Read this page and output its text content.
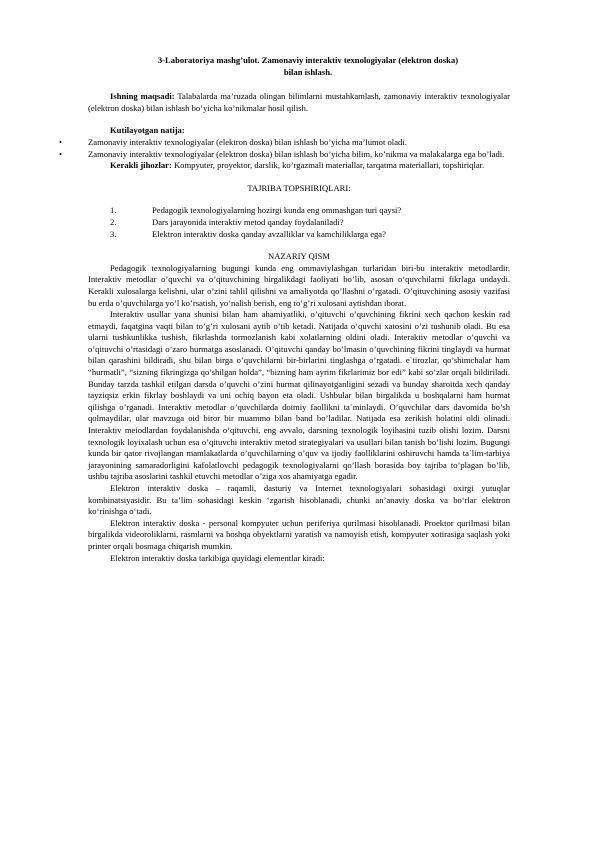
3-Laboratoriya mashg’ulot. Zamonaviy interaktiv texnologiyalar (elektron doska)
bilan ishlash.

Ishning maqsadi: Talabalarda ma’ruzada olingan bilimlarni mustahkamlash, zamonaviy interaktiv texnologiyalar (elektron doska) bilan ishlash bo’yicha ko’nikmalar hosil qilish.

Kutilayotgan natija:

•	Zamonaviy interaktiv texnologiyalar (elektron doska) bilan ishlash bo’yicha ma’lumot oladi.
•	Zamonaviy interaktiv texnologiyalar (elektron doska) bilan ishlash bo’yicha bilim, ko’nikma va malakalarga ega bo’ladi.

Kerakli jihozlar: Kompyuter, proyektor, darslik, ko’rgazmali materiallar, tarqatma materiallari, topshiriqlar.

TAJRIBA TOPSHIRIQLARI:

1.	Pedagogik texnologiyalarning hozirgi kunda eng ommashgan turi qaysi?
2.	Dars jarayonida interaktiv metod qanday foydalaniladi?
3.	Elektron interaktiv doska qanday avzalliklar va kamchiliklarga ega?

NAZARIY QISM

Pedagogik texnologiyalarning bugungi kunda eng ommaviylashgan turlaridan biri-bu interaktiv metodlardir. Interaktiv metodlar o’quvchi va o’qituvchining birgalikdagi faoliyati bo’lib, asosan o’quvchilarni fikrlaga undaydi. Kerakli xulosalarga kelishni, ular o’zini tahlil qilishni va amaliyotda qo’llashni o’rgatadi. O’qituvchining asosiy vazifasi bu erda o’quvchilarga yo’l ko’rsatish, yo’nalish berish, eng to’g’ri xulosani aytishdan iborat.

Interaktiv usullar yana shunisi bilan ham ahamiyatliki, o’qituvchi o’quvchining fikrini xech qachon keskin rad etmaydi, faqatgina vaqti bilan to’g’ri xulosani aytib o’tib ketadi. Natijada o’quvchi xatosini o’zi tushunib oladi. Bu esa ularni tushkunlikka tushish, fikrlashda tormozlanish kabi xolatlarning oldini oladi. Interaktiv metodlar o’quvchi va o’qituvchi o’rtasidagi o’zaro hurmatga asoslanadi. O’qituvchi qanday bo’lmasin o’quvchining fikrini tinglaydi va hurmat bilan qarashini bildiradi, shu bilan birga o’quvchilarni bir-birlarini tinglashga o’rgatadi. e`tirozlar, qo’shimchalar ham “hurmatli”, “sizning fikringizga qo’shilgan holda”, “bizning ham ayrim fikrlarimiz bor edi” kabi so’zlar orqali bildiriladi. Bunday tarzda tashkil etilgan darsda o’quvchi o’zini hurmat qilinayotganligini sezadi va bunday sharoitda xech qanday tayziqsiz erkin fikrlay boshlaydi va uni ochiq bayon eta oladi. Ushbular bilan birgalikda u boshqalarni ham hurmat qilishga o’rganadi. Interaktiv metodlar o’quvchilarda doimiy faollikni ta`minlaydi. O’quvchilar dars davomida bo’sh qolmaydilar, ular mavzuga oid biror bir muammo bilan band bo’ladilar. Natijada esa zerikish holatini oldi olinadi. Interaktiv meiodlardan foydalanishda o’qituvchi, eng avvalo, darsning texnologik loyihasini tuzib olishi lozim. Darsni texnologik loyixalash uchun esa o’qituvchi interaktiv metod strategiyalari va usullari bilan tanish bo’lishi lozim. Bugungi kunda bir qator rivojlangan mamlakatlarda o’quvchilarning o’quv va ijodiy faolliklarini oshiruvchi hamda ta`lim-tarbiya jarayonining samaradorligini kafolatlovchi pedagogik texnologiyalarni qo’llash borasida boy tajriba to’plagan bo’lib, ushbu tajriba asoslarini tashkil etuvchi metodlar o’ziga xos ahamiyatga egadir.

Elektron interaktiv doska – raqamli, dasturiy va Internet texnologiyalari sohasidagi oxirgi yutuqlar kombinatsiyasidir. Bu ta’lim sohasidagi keskin ‘zgarish hisoblanadi, chunki an’anaviy doska va bo‘rlar elektron ko‘rinishga o‘tadi.

Elektron interaktiv doska - personal kompyuter uchun periferiya qurilmasi hisoblanadi. Proektor qurilmasi bilan birgalikda videoroliklarni, rasmlarni va boshqa obyektlarni yaratish va namoyish etish, kompyuter xotirasiga saqlash yoki printer orqali bosmaga chiqarish mumkin.

Elektron interaktiv doska tarkibiga quyidagi elementlar kiradi:
